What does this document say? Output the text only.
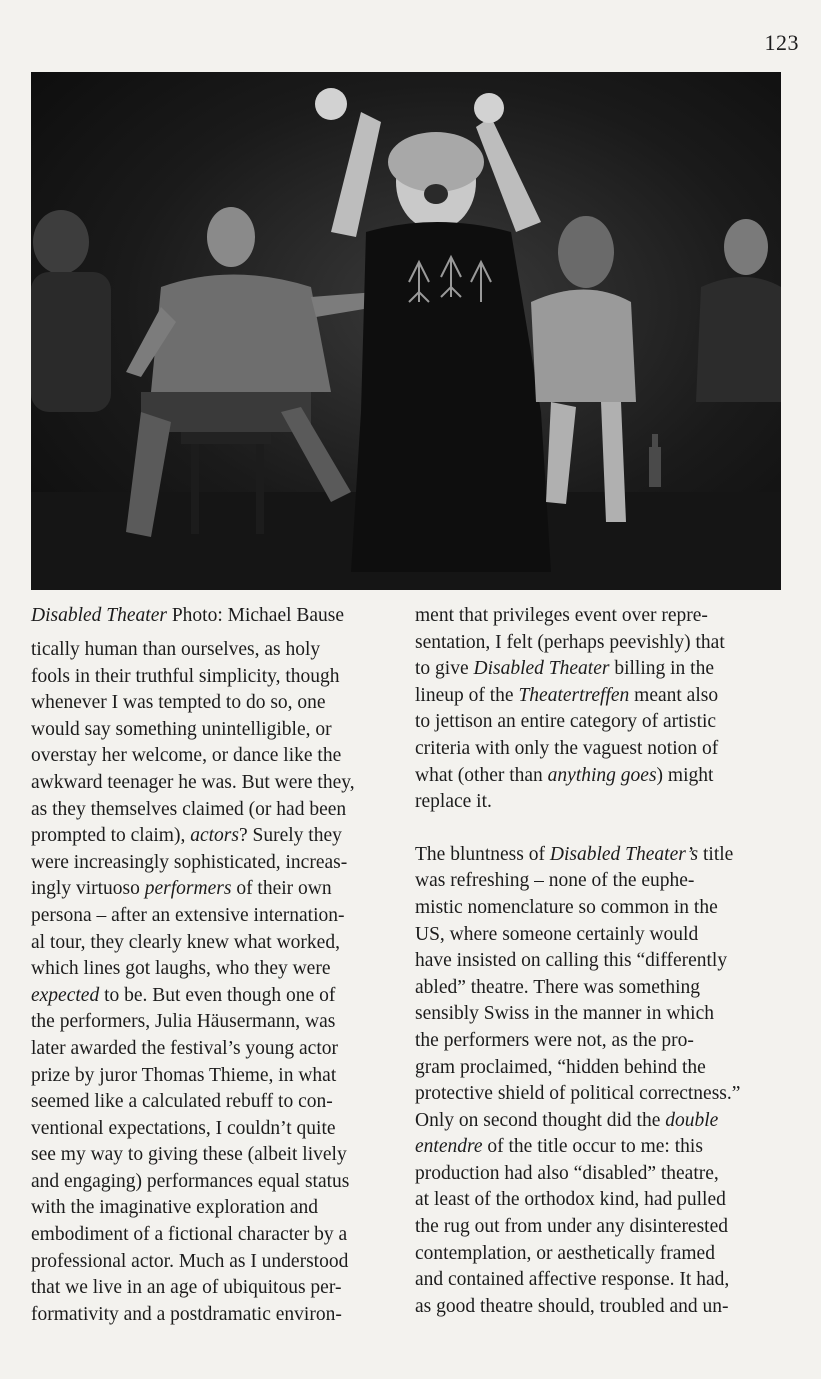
123
Disabled Theater Photo: Michael Bause
tically human than ourselves, as holy
fools in their truthful simplicity, though
whenever I was tempted to do so, one
would say something unintelligible, or
overstay her welcome, or dance like the
awkward teenager he was. But were they,
as they themselves claimed (or had been
prompted to claim), actors? Surely they
were increasingly sophisticated, increas-
ingly virtuoso performers of their own
persona – after an extensive internation-
al tour, they clearly knew what worked,
which lines got laughs, who they were
expected to be. But even though one of
the performers, Julia Häusermann, was
later awarded the festival’s young actor
prize by juror Thomas Thieme, in what
seemed like a calculated rebuff to con-
ventional expectations, I couldn’t quite
see my way to giving these (albeit lively
and engaging) performances equal status
with the imaginative exploration and
embodiment of a fictional character by a
professional actor. Much as I understood
that we live in an age of ubiquitous per-
formativity and a postdramatic environ-
ment that privileges event over repre-
sentation, I felt (perhaps peevishly) that
to give Disabled Theater billing in the
lineup of the Theatertreffen meant also
to jettison an entire category of artistic
criteria with only the vaguest notion of
what (other than anything goes) might
replace it.
The bluntness of Disabled Theater’s title
was refreshing – none of the euphe-
mistic nomenclature so common in the
US, where someone certainly would
have insisted on calling this “differently
abled” theatre. There was something
sensibly Swiss in the manner in which
the performers were not, as the pro-
gram proclaimed, “hidden behind the
protective shield of political correctness.”
Only on second thought did the double
entendre of the title occur to me: this
production had also “disabled” theatre,
at least of the orthodox kind, had pulled
the rug out from under any disinterested
contemplation, or aesthetically framed
and contained affective response. It had,
as good theatre should, troubled and un-
